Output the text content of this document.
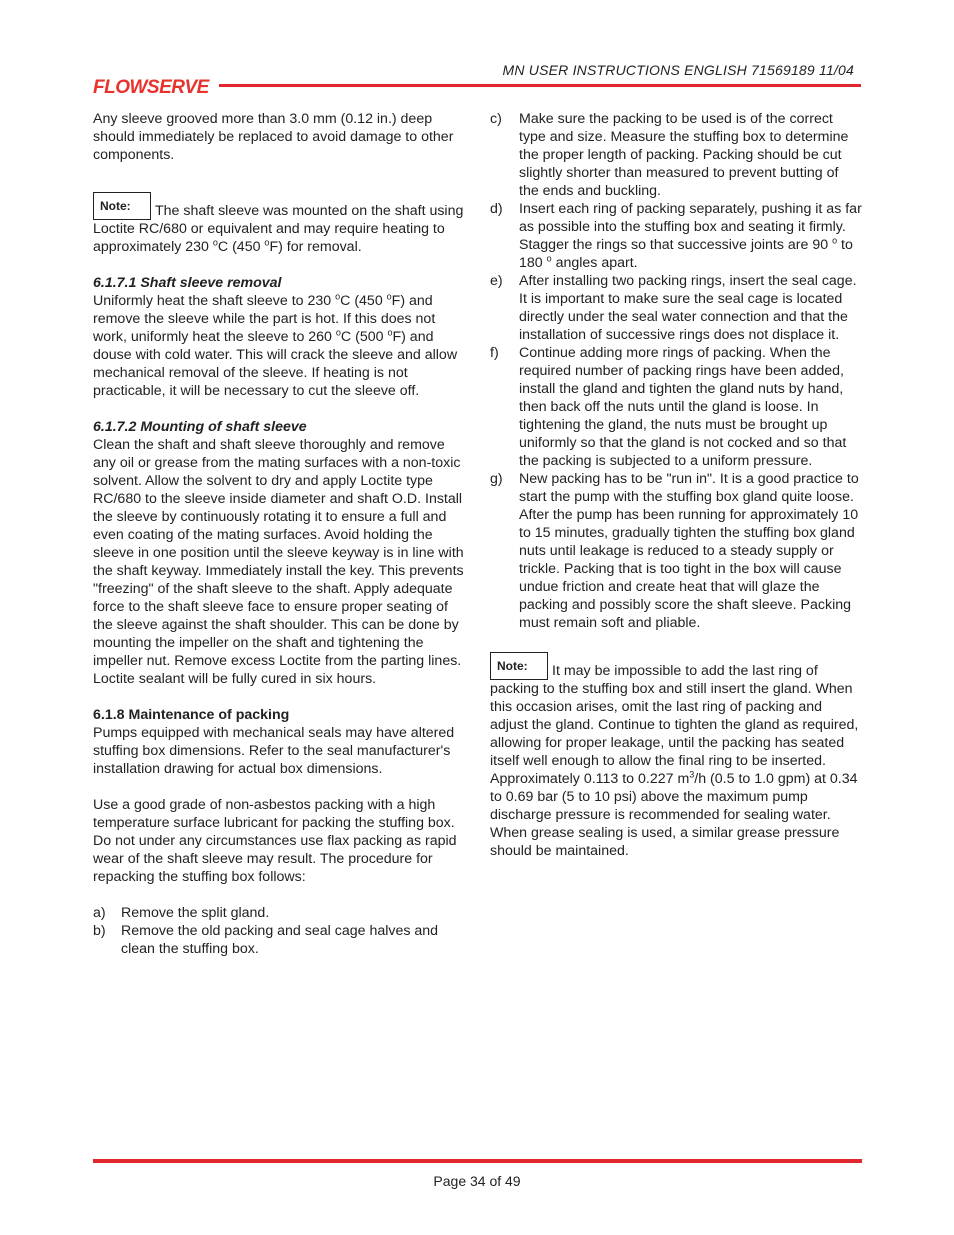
FLOWSERVE
MN USER INSTRUCTIONS ENGLISH 71569189 11/04

Any sleeve grooved more than 3.0 mm (0.12 in.) deep should immediately be replaced to avoid damage to other components.

Note: The shaft sleeve was mounted on the shaft using Loctite RC/680 or equivalent and may require heating to approximately 230 $^o$C (450 $^o$F) for removal.

6.1.7.1 Shaft sleeve removal

Uniformly heat the shaft sleeve to 230 $^o$C (450 $^o$F) and remove the sleeve while the part is hot. If this does not work, uniformly heat the sleeve to 260 $^o$C (500 $^o$F) and douse with cold water. This will crack the sleeve and allow mechanical removal of the sleeve. If heating is not practicable, it will be necessary to cut the sleeve off.

6.1.7.2 Mounting of shaft sleeve

Clean the shaft and shaft sleeve thoroughly and remove any oil or grease from the mating surfaces with a non-toxic solvent. Allow the solvent to dry and apply Loctite type RC/680 to the sleeve inside diameter and shaft O.D. Install the sleeve by continuously rotating it to ensure a full and even coating of the mating surfaces. Avoid holding the sleeve in one position until the sleeve keyway is in line with the shaft keyway. Immediately install the key. This prevents "freezing" of the shaft sleeve to the shaft. Apply adequate force to the shaft sleeve face to ensure proper seating of the sleeve against the shaft shoulder. This can be done by mounting the impeller on the shaft and tightening the impeller nut. Remove excess Loctite from the parting lines. Loctite sealant will be fully cured in six hours.

6.1.8 Maintenance of packing

Pumps equipped with mechanical seals may have altered stuffing box dimensions. Refer to the seal manufacturer's installation drawing for actual box dimensions.

Use a good grade of non-asbestos packing with a high temperature surface lubricant for packing the stuffing box. Do not under any circumstances use flax packing as rapid wear of the shaft sleeve may result. The procedure for repacking the stuffing box follows:

a) Remove the split gland.
b) Remove the old packing and seal cage halves and clean the stuffing box.
c) Make sure the packing to be used is of the correct type and size. Measure the stuffing box to determine the proper length of packing. Packing should be cut slightly shorter than measured to prevent butting of the ends and buckling.
d) Insert each ring of packing separately, pushing it as far as possible into the stuffing box and seating it firmly. Stagger the rings so that successive joints are 90 $^o$ to 180 $^o$ angles apart.
e) After installing two packing rings, insert the seal cage. It is important to make sure the seal cage is located directly under the seal water connection and that the installation of successive rings does not displace it.
f) Continue adding more rings of packing. When the required number of packing rings have been added, install the gland and tighten the gland nuts by hand, then back off the nuts until the gland is loose. In tightening the gland, the nuts must be brought up uniformly so that the gland is not cocked and so that the packing is subjected to a uniform pressure.
g) New packing has to be "run in". It is a good practice to start the pump with the stuffing box gland quite loose. After the pump has been running for approximately 10 to 15 minutes, gradually tighten the stuffing box gland nuts until leakage is reduced to a steady supply or trickle. Packing that is too tight in the box will cause undue friction and create heat that will glaze the packing and possibly score the shaft sleeve. Packing must remain soft and pliable.

Note: It may be impossible to add the last ring of packing to the stuffing box and still insert the gland. When this occasion arises, omit the last ring of packing and adjust the gland. Continue to tighten the gland as required, allowing for proper leakage, until the packing has seated itself well enough to allow the final ring to be inserted. Approximately 0.113 to 0.227 $m^3/h$ (0.5 to 1.0 gpm) at 0.34 to 0.69 bar (5 to 10 psi) above the maximum pump discharge pressure is recommended for sealing water. When grease sealing is used, a similar grease pressure should be maintained.

Page 34 of 49
